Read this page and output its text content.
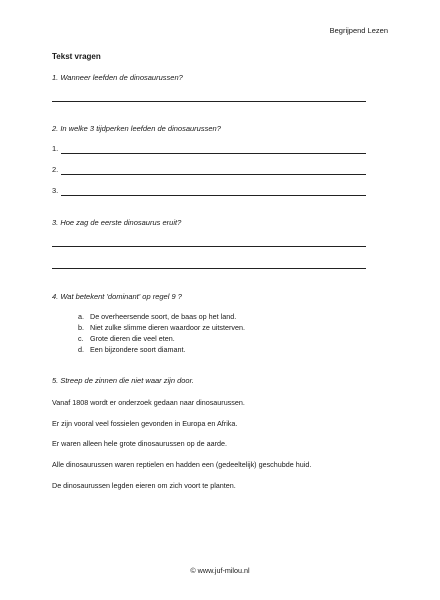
Begrijpend Lezen
Tekst vragen
1. Wanneer leefden de dinosaurussen?
2. In welke 3 tijdperken leefden de dinosaurussen?
1.
2.
3.
3. Hoe zag de eerste dinosaurus eruit?
4. Wat betekent 'dominant' op regel 9 ?
a. De overheersende soort, de baas op het land.
b. Niet zulke slimme dieren waardoor ze uitsterven.
c. Grote dieren die veel eten.
d. Een bijzondere soort diamant.
5. Streep de zinnen die niet waar zijn door.
Vanaf 1808 wordt er onderzoek gedaan naar dinosaurussen.
Er zijn vooral veel fossielen gevonden in Europa en Afrika.
Er waren alleen hele grote dinosaurussen op de aarde.
Alle dinosaurussen waren reptielen en hadden een (gedeeltelijk) geschubde huid.
De dinosaurussen legden eieren om zich voort te planten.
© www.juf-milou.nl
